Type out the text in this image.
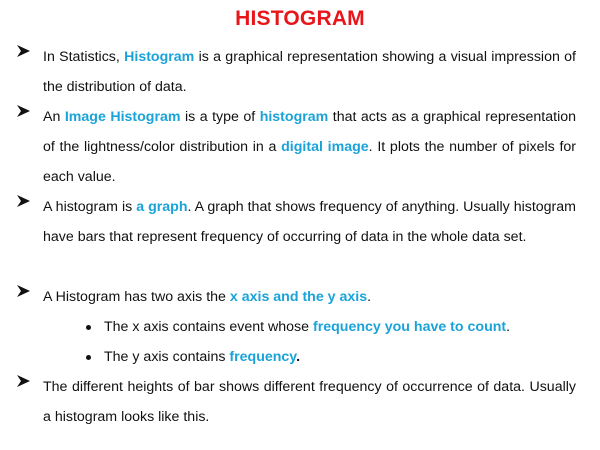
HISTOGRAM
In Statistics, Histogram is a graphical representation showing a visual impression of the distribution of data.
An Image Histogram is a type of histogram that acts as a graphical representation of the lightness/color distribution in a digital image. It plots the number of pixels for each value.
A histogram is a graph. A graph that shows frequency of anything. Usually histogram have bars that represent frequency of occurring of data in the whole data set.
A Histogram has two axis the x axis and the y axis.
The x axis contains event whose frequency you have to count.
The y axis contains frequency.
The different heights of bar shows different frequency of occurrence of data. Usually a histogram looks like this.
